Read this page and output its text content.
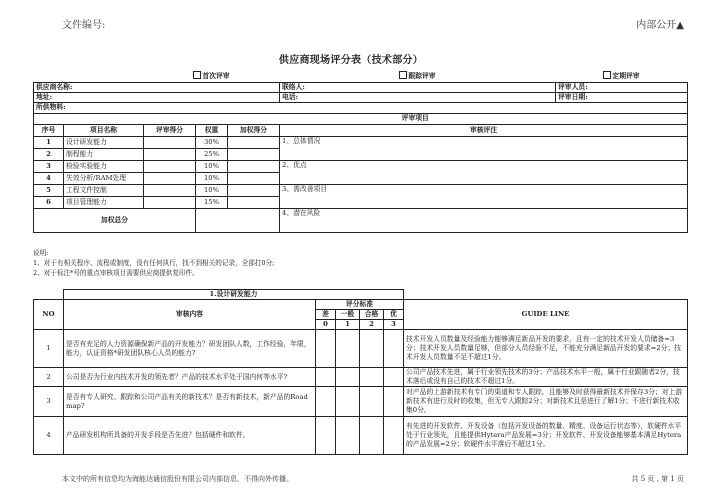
文件编号:	内部公开▲
供应商现场评分表（技术部分）
		首次评审			跟踪评审	定期评审
供应商名称:					联络人:	评审人员:
地址:					电话:	评审日期:
所供物料:						
		评审项目				
序号	项目名称	评审得分	权重	加权得分	审核评注	
1	设计研发能力		30%		1、总体情况	
2	制程能力		25%			
3	检验实验能力		10%		2、优点	
4	失效分析/RAM处理		10%			
5	工程文件控制		10%		3、需改善项目	
6	项目管理能力		15%			
加权总分					4、潜在风险	
说明:
1、对于有相关程序、流程或制度，没有任何执行，找不到相关的记录，全部打0分;
2、对于标注*号的重点审核项目需要供应商提供复印件。
	1.设计研发能力					
NO	审核内容	评分标准				GUIDE LINE
		差	一般	合格	优	
		0	1	2	3	
1	是否有充足的人力资源确保新产品的开发能力？研发团队人数，工作经验，年限，能力，认证资格*研发团队核心人员的能力?					技术开发人员数量及经验能力能够满足新品开发的要求，且有一定的技术开发人员储备=3分；技术开发人员数量足够，但部分人员经验不足，不能充分满足新品开发的要求=2分；技术开发人员数量不足不超过1分。
2	公司是否为行业内技术开发的领先者？产品的技术水平处于国内何等水平?					公司产品技术先进，属于行业领先技术的3分；产品技术水平一般，属于行业跟随者2分，技术落后或没有自己的技术不超过1分。
3	是否有专人研究、跟踪和公司产品有关的新技术？是否有新技术，新产品的Road map?					对产品的上游新技术有专门的渠道和专人跟踪，且能够及时获得最新技术并保存3分；对上游新技术有进行及时的收集，但无专人跟踪2分；对新技术且是进行了解1分；不进行新技术收集0分。
4	产品研发机构所具备的开发手段是否先进？包括硬件和软件。					有先进的开发软件、开发设备（包括开发设备的数量、精度、设备运行状态等），软硬件水平处于行业领先，且能提供Hytera产品发展=3分；开发软件、开发设备能够基本满足Hytera的产品发展=2分；软硬件水平落后不超过1分。
本文中的所有信息均为海能达通信股份有限公司内部信息，不得向外传播。	共 5 页 , 第 1 页
